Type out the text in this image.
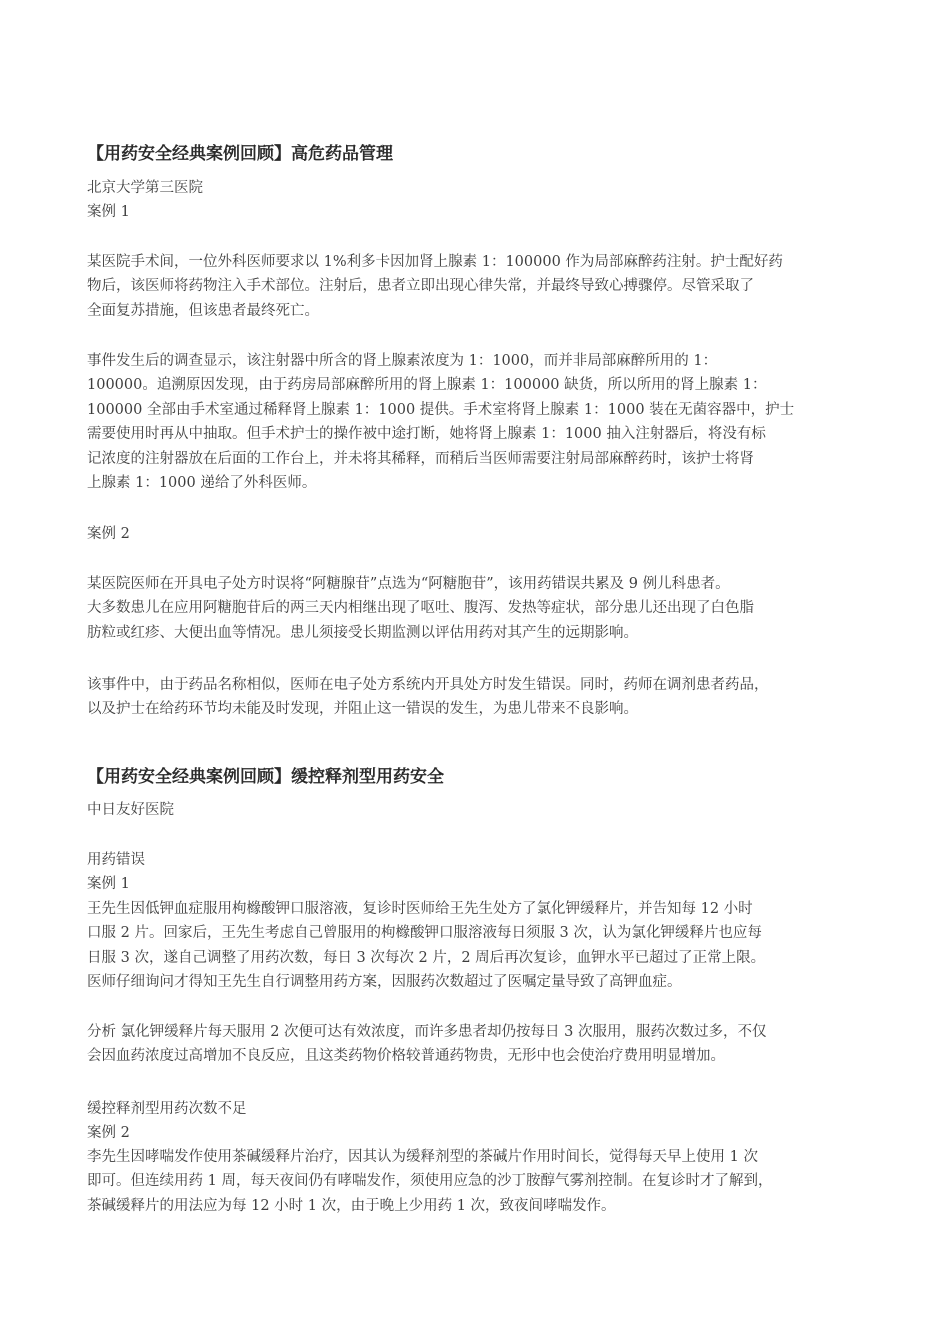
【用药安全经典案例回顾】高危药品管理
北京大学第三医院
案例 1
某医院手术间，一位外科医师要求以 1%利多卡因加肾上腺素 1：100000 作为局部麻醉药注射。护士配好药
物后，该医师将药物注入手术部位。注射后，患者立即出现心律失常，并最终导致心搏骤停。尽管采取了
全面复苏措施，但该患者最终死亡。
事件发生后的调查显示，该注射器中所含的肾上腺素浓度为 1：1000，而并非局部麻醉所用的 1：
100000。追溯原因发现，由于药房局部麻醉所用的肾上腺素 1：100000 缺货，所以所用的肾上腺素 1：
100000 全部由手术室通过稀释肾上腺素 1：1000 提供。手术室将肾上腺素 1：1000 装在无菌容器中，护士
需要使用时再从中抽取。但手术护士的操作被中途打断，她将肾上腺素 1：1000 抽入注射器后，将没有标
记浓度的注射器放在后面的工作台上，并未将其稀释，而稍后当医师需要注射局部麻醉药时，该护士将肾
上腺素 1：1000 递给了外科医师。
案例 2
某医院医师在开具电子处方时误将“阿糖腺苷”点选为“阿糖胞苷”，该用药错误共累及 9 例儿科患者。
大多数患儿在应用阿糖胞苷后的两三天内相继出现了呕吐、腹泻、发热等症状，部分患儿还出现了白色脂
肪粒或红疹、大便出血等情况。患儿须接受长期监测以评估用药对其产生的远期影响。
该事件中，由于药品名称相似，医师在电子处方系统内开具处方时发生错误。同时，药师在调剂患者药品，
以及护士在给药环节均未能及时发现，并阻止这一错误的发生，为患儿带来不良影响。
【用药安全经典案例回顾】缓控释剂型用药安全
中日友好医院
用药错误
案例 1
王先生因低钾血症服用枸橼酸钾口服溶液，复诊时医师给王先生处方了氯化钾缓释片，并告知每 12 小时
口服 2 片。回家后，王先生考虑自己曾服用的枸橼酸钾口服溶液每日须服 3 次，认为氯化钾缓释片也应每
日服 3 次，遂自己调整了用药次数，每日 3 次每次 2 片，2 周后再次复诊，血钾水平已超过了正常上限。
医师仔细询问才得知王先生自行调整用药方案，因服药次数超过了医嘱定量导致了高钾血症。
分析 氯化钾缓释片每天服用 2 次便可达有效浓度，而许多患者却仍按每日 3 次服用，服药次数过多，不仅
会因血药浓度过高增加不良反应，且这类药物价格较普通药物贵，无形中也会使治疗费用明显增加。
缓控释剂型用药次数不足
案例 2
李先生因哮喘发作使用茶碱缓释片治疗，因其认为缓释剂型的茶碱片作用时间长，觉得每天早上使用 1 次
即可。但连续用药 1 周，每天夜间仍有哮喘发作，须使用应急的沙丁胺醇气雾剂控制。在复诊时才了解到，
茶碱缓释片的用法应为每 12 小时 1 次，由于晚上少用药 1 次，致夜间哮喘发作。
